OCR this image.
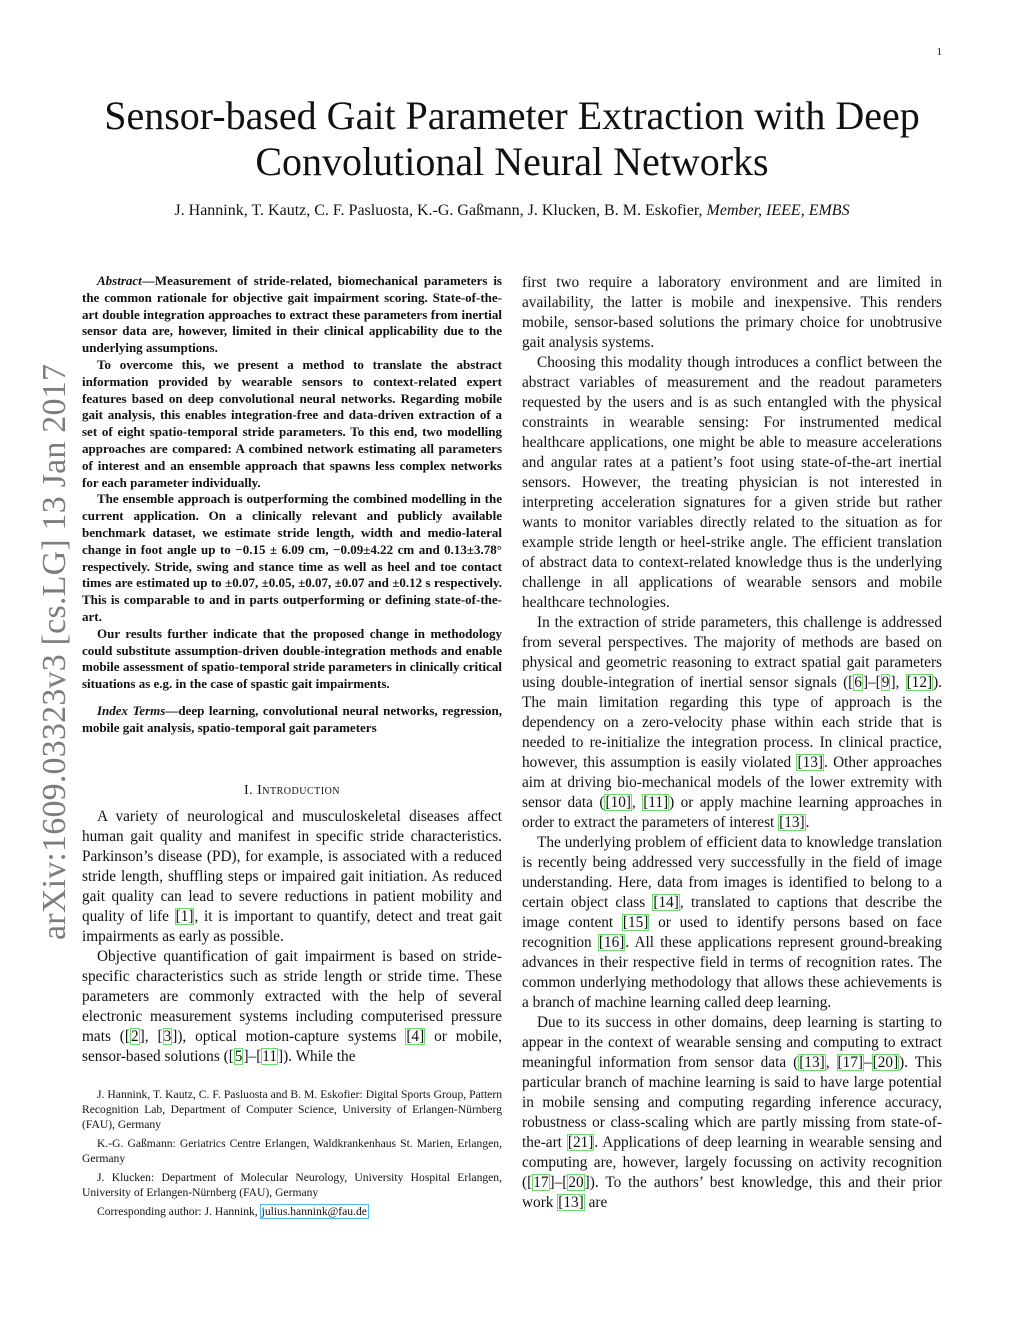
1
arXiv:1609.03323v3 [cs.LG] 13 Jan 2017
Sensor-based Gait Parameter Extraction with Deep Convolutional Neural Networks
J. Hannink, T. Kautz, C. F. Pasluosta, K.-G. Gaßmann, J. Klucken, B. M. Eskofier, Member, IEEE, EMBS

Abstract—Measurement of stride-related, biomechanical parameters is the common rationale for objective gait impairment scoring. State-of-the-art double integration approaches to extract these parameters from inertial sensor data are, however, limited in their clinical applicability due to the underlying assumptions.

To overcome this, we present a method to translate the abstract information provided by wearable sensors to context-related expert features based on deep convolutional neural networks. Regarding mobile gait analysis, this enables integration-free and data-driven extraction of a set of eight spatio-temporal stride parameters. To this end, two modelling approaches are compared: A combined network estimating all parameters of interest and an ensemble approach that spawns less complex networks for each parameter individually.

The ensemble approach is outperforming the combined modelling in the current application. On a clinically relevant and publicly available benchmark dataset, we estimate stride length, width and medio-lateral change in foot angle up to −0.15 ± 6.09 cm, −0.09±4.22 cm and 0.13±3.78° respectively. Stride, swing and stance time as well as heel and toe contact times are estimated up to ±0.07, ±0.05, ±0.07, ±0.07 and ±0.12 s respectively. This is comparable to and in parts outperforming or defining state-of-the-art.

Our results further indicate that the proposed change in methodology could substitute assumption-driven double-integration methods and enable mobile assessment of spatio-temporal stride parameters in clinically critical situations as e.g. in the case of spastic gait impairments.

Index Terms—deep learning, convolutional neural networks, regression, mobile gait analysis, spatio-temporal gait parameters

I. Introduction

A variety of neurological and musculoskeletal diseases affect human gait quality and manifest in specific stride characteristics. Parkinson’s disease (PD), for example, is associated with a reduced stride length, shuffling steps or impaired gait initiation. As reduced gait quality can lead to severe reductions in patient mobility and quality of life [1], it is important to quantify, detect and treat gait impairments as early as possible.

Objective quantification of gait impairment is based on stride-specific characteristics such as stride length or stride time. These parameters are commonly extracted with the help of several electronic measurement systems including computerised pressure mats ([2], [3]), optical motion-capture systems [4] or mobile, sensor-based solutions ([5]–[11]). While the

J. Hannink, T. Kautz, C. F. Pasluosta and B. M. Eskofier: Digital Sports Group, Pattern Recognition Lab, Department of Computer Science, University of Erlangen-Nürnberg (FAU), Germany

K.-G. Gaßmann: Geriatrics Centre Erlangen, Waldkrankenhaus St. Marien, Erlangen, Germany

J. Klucken: Department of Molecular Neurology, University Hospital Erlangen, University of Erlangen-Nürnberg (FAU), Germany

Corresponding author: J. Hannink, julius.hannink@fau.de

first two require a laboratory environment and are limited in availability, the latter is mobile and inexpensive. This renders mobile, sensor-based solutions the primary choice for unobtrusive gait analysis systems.

Choosing this modality though introduces a conflict between the abstract variables of measurement and the readout parameters requested by the users and is as such entangled with the physical constraints in wearable sensing: For instrumented medical healthcare applications, one might be able to measure accelerations and angular rates at a patient’s foot using state-of-the-art inertial sensors. However, the treating physician is not interested in interpreting acceleration signatures for a given stride but rather wants to monitor variables directly related to the situation as for example stride length or heel-strike angle. The efficient translation of abstract data to context-related knowledge thus is the underlying challenge in all applications of wearable sensors and mobile healthcare technologies.

In the extraction of stride parameters, this challenge is addressed from several perspectives. The majority of methods are based on physical and geometric reasoning to extract spatial gait parameters using double-integration of inertial sensor signals ([6]–[9], [12]). The main limitation regarding this type of approach is the dependency on a zero-velocity phase within each stride that is needed to re-initialize the integration process. In clinical practice, however, this assumption is easily violated [13]. Other approaches aim at driving bio-mechanical models of the lower extremity with sensor data ([10], [11]) or apply machine learning approaches in order to extract the parameters of interest [13].

The underlying problem of efficient data to knowledge translation is recently being addressed very successfully in the field of image understanding. Here, data from images is identified to belong to a certain object class [14], translated to captions that describe the image content [15] or used to identify persons based on face recognition [16]. All these applications represent ground-breaking advances in their respective field in terms of recognition rates. The common underlying methodology that allows these achievements is a branch of machine learning called deep learning.

Due to its success in other domains, deep learning is starting to appear in the context of wearable sensing and computing to extract meaningful information from sensor data ([13], [17]–[20]). This particular branch of machine learning is said to have large potential in mobile sensing and computing regarding inference accuracy, robustness or class-scaling which are partly missing from state-of-the-art [21]. Applications of deep learning in wearable sensing and computing are, however, largely focussing on activity recognition ([17]–[20]). To the authors’ best knowledge, this and their prior work [13] are
